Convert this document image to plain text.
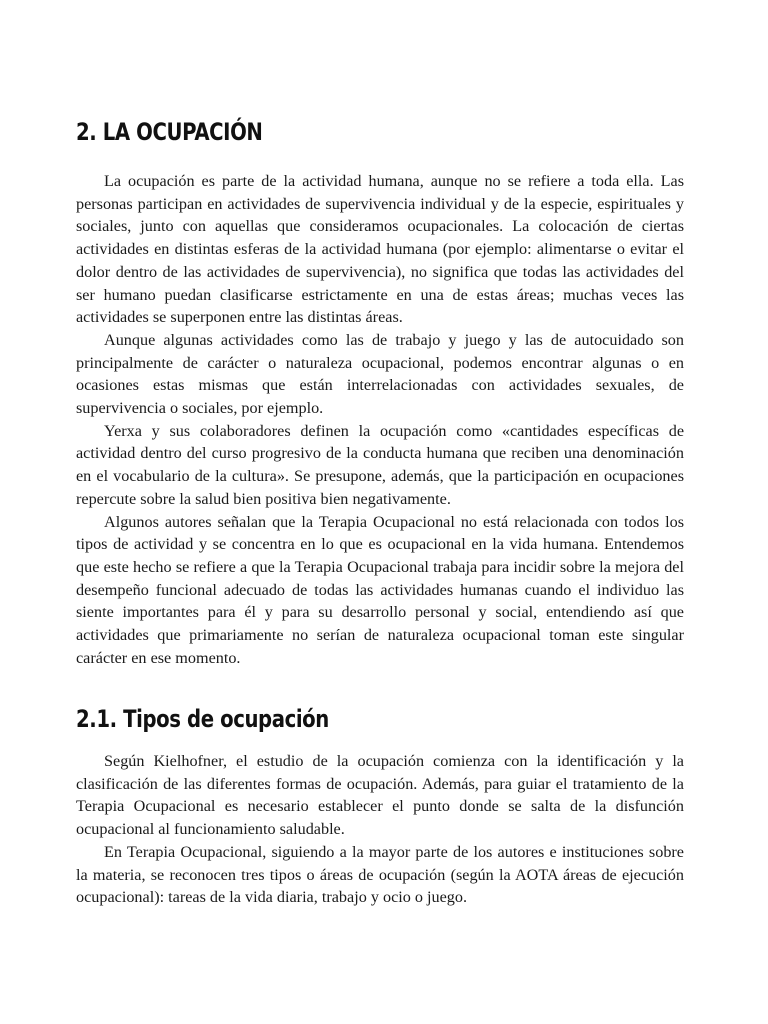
2. LA OCUPACIÓN

La ocupación es parte de la actividad humana, aunque no se refiere a toda ella. Las personas participan en actividades de supervivencia individual y de la especie, espirituales y sociales, junto con aquellas que consideramos ocupacionales. La colocación de ciertas actividades en distintas esferas de la actividad humana (por ejemplo: alimentarse o evitar el dolor dentro de las actividades de supervivencia), no significa que todas las actividades del ser humano puedan clasificarse estrictamente en una de estas áreas; muchas veces las actividades se superponen entre las distintas áreas.

Aunque algunas actividades como las de trabajo y juego y las de autocuidado son principalmente de carácter o naturaleza ocupacional, podemos encontrar algunas o en ocasiones estas mismas que están interrelacionadas con actividades sexuales, de supervivencia o sociales, por ejemplo.

Yerxa y sus colaboradores definen la ocupación como «cantidades específicas de actividad dentro del curso progresivo de la conducta humana que reciben una denominación en el vocabulario de la cultura». Se presupone, además, que la participación en ocupaciones repercute sobre la salud bien positiva bien negativamente.

Algunos autores señalan que la Terapia Ocupacional no está relacionada con todos los tipos de actividad y se concentra en lo que es ocupacional en la vida humana. Entendemos que este hecho se refiere a que la Terapia Ocupacional trabaja para incidir sobre la mejora del desempeño funcional adecuado de todas las actividades humanas cuando el individuo las siente importantes para él y para su desarrollo personal y social, entendiendo así que actividades que primariamente no serían de naturaleza ocupacional toman este singular carácter en ese momento.

2.1. Tipos de ocupación

Según Kielhofner, el estudio de la ocupación comienza con la identificación y la clasificación de las diferentes formas de ocupación. Además, para guiar el tratamiento de la Terapia Ocupacional es necesario establecer el punto donde se salta de la disfunción ocupacional al funcionamiento saludable.

En Terapia Ocupacional, siguiendo a la mayor parte de los autores e instituciones sobre la materia, se reconocen tres tipos o áreas de ocupación (según la AOTA áreas de ejecución ocupacional): tareas de la vida diaria, trabajo y ocio o juego.
